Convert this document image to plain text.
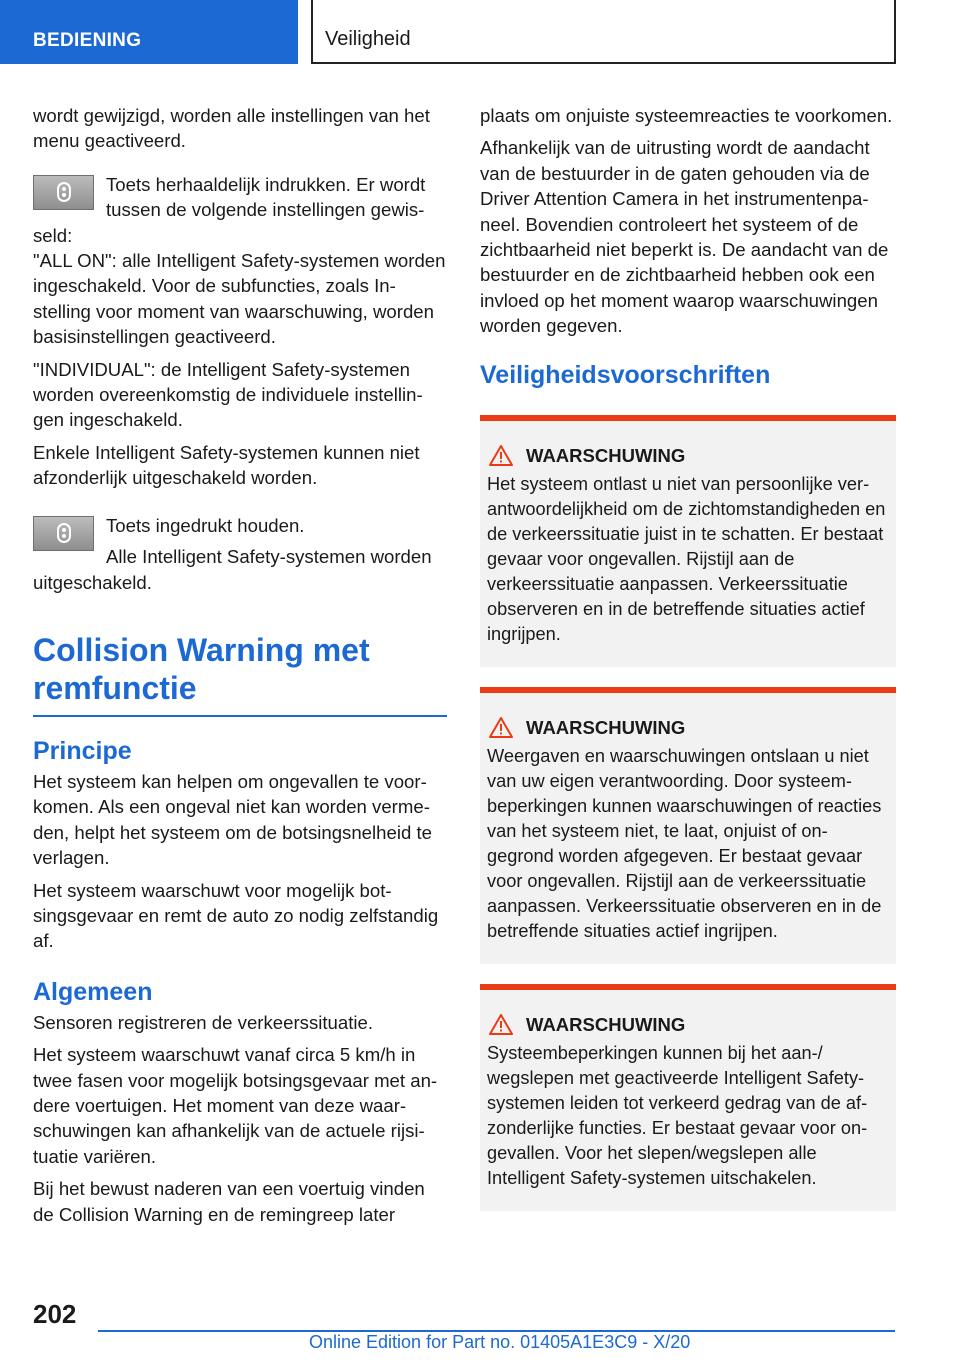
BEDIENING	Veiligheid

wordt gewijzigd, worden alle instellingen van het menu geactiveerd.

Toets herhaaldelijk indrukken. Er wordt tussen de volgende instellingen gewisseld:

"ALL ON": alle Intelligent Safety-systemen worden ingeschakeld. Voor de subfuncties, zoals Instelling voor moment van waarschuwing, worden basisinstellingen geactiveerd.

"INDIVIDUAL": de Intelligent Safety-systemen worden overeenkomstig de individuele instellingen ingeschakeld.

Enkele Intelligent Safety-systemen kunnen niet afzonderlijk uitgeschakeld worden.

Toets ingedrukt houden.

Alle Intelligent Safety-systemen worden uitgeschakeld.
Collision Warning met remfunctie
Principe

Het systeem kan helpen om ongevallen te voorkomen. Als een ongeval niet kan worden vermeden, helpt het systeem om de botsingsnelheid te verlagen.

Het systeem waarschuwt voor mogelijk botsingsgevaar en remt de auto zo nodig zelfstandig af.

Algemeen

Sensoren registreren de verkeerssituatie.

Het systeem waarschuwt vanaf circa 5 km/h in twee fasen voor mogelijk botsingsgevaar met andere voertuigen. Het moment van deze waarschuwingen kan afhankelijk van de actuele rijsituatie variëren.

Bij het bewust naderen van een voertuig vinden de Collision Warning en de remingreep later

plaats om onjuiste systeemreacties te voorkomen.

Afhankelijk van de uitrusting wordt de aandacht van de bestuurder in de gaten gehouden via de Driver Attention Camera in het instrumentenpaneel. Bovendien controleert het systeem of de zichtbaarheid niet beperkt is. De aandacht van de bestuurder en de zichtbaarheid hebben ook een invloed op het moment waarop waarschuwingen worden gegeven.

Veiligheidsvoorschriften
WAARSCHUWING
Het systeem ontlast u niet van persoonlijke verantwoordelijkheid om de zichtomstandigheden en de verkeerssituatie juist in te schatten. Er bestaat gevaar voor ongevallen. Rijstijl aan de verkeerssituatie aanpassen. Verkeerssituatie observeren en in de betreffende situaties actief ingrijpen.
WAARSCHUWING
Weergaven en waarschuwingen ontslaan u niet van uw eigen verantwoording. Door systeembeperkingen kunnen waarschuwingen of reacties van het systeem niet, te laat, onjuist of ongegrond worden afgegeven. Er bestaat gevaar voor ongevallen. Rijstijl aan de verkeerssituatie aanpassen. Verkeerssituatie observeren en in de betreffende situaties actief ingrijpen.
WAARSCHUWING
Systeembeperkingen kunnen bij het aan-/ wegslepen met geactiveerde Intelligent Safety-systemen leiden tot verkeerd gedrag van de afzonderlijke functies. Er bestaat gevaar voor ongevallen. Voor het slepen/wegslepen alle Intelligent Safety-systemen uitschakelen.
202
Online Edition for Part no. 01405A1E3C9 - X/20
